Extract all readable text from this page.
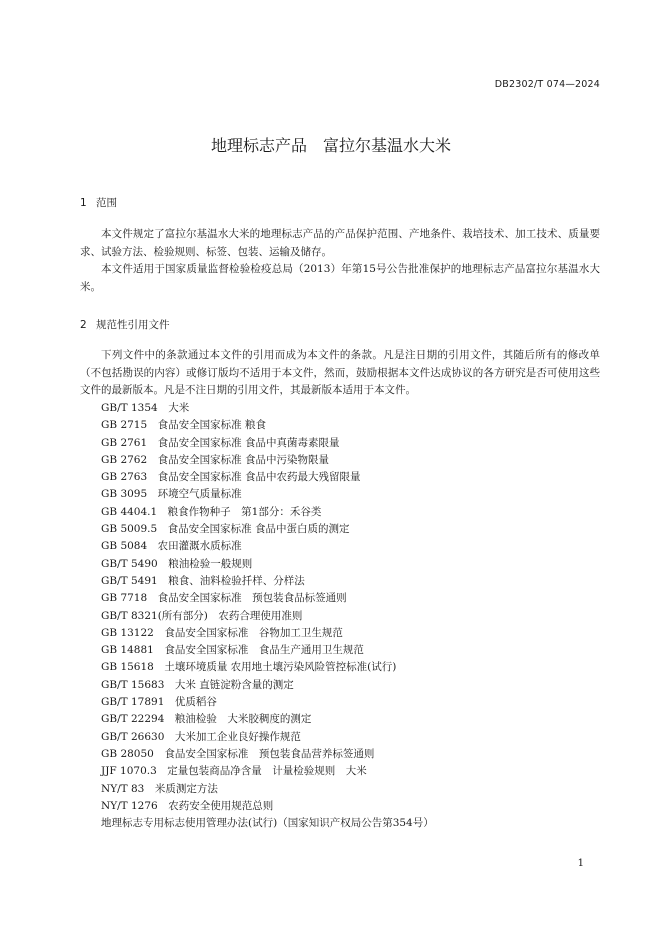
DB2302/T 074—2024
地理标志产品　富拉尔基温水大米
1 范围

本文件规定了富拉尔基温水大米的地理标志产品的产品保护范围、产地条件、栽培技术、加工技术、质量要求、试验方法、检验规则、标签、包装、运输及储存。

本文件适用于国家质量监督检验检疫总局（2013）年第15号公告批准保护的地理标志产品富拉尔基温水大米。

2 规范性引用文件

下列文件中的条款通过本文件的引用而成为本文件的条款。凡是注日期的引用文件，其随后所有的修改单（不包括勘误的内容）或修订版均不适用于本文件，然而，鼓励根据本文件达成协议的各方研究是否可使用这些文件的最新版本。凡是不注日期的引用文件，其最新版本适用于本文件。

GB/T 1354　大米
GB 2715　食品安全国家标准 粮食
GB 2761　食品安全国家标准 食品中真菌毒素限量
GB 2762　食品安全国家标准 食品中污染物限量
GB 2763　食品安全国家标准 食品中农药最大残留限量
GB 3095　环境空气质量标准
GB 4404.1　粮食作物种子　第1部分：禾谷类
GB 5009.5　食品安全国家标准 食品中蛋白质的测定
GB 5084　农田灌溉水质标准
GB/T 5490　粮油检验一般规则
GB/T 5491　粮食、油料检验扦样、分样法
GB 7718　食品安全国家标准　预包装食品标签通则
GB/T 8321(所有部分)　农药合理使用准则
GB 13122　食品安全国家标准　谷物加工卫生规范
GB 14881　食品安全国家标准　食品生产通用卫生规范
GB 15618　土壤环境质量 农用地土壤污染风险管控标准(试行)
GB/T 15683　大米 直链淀粉含量的测定
GB/T 17891　优质稻谷
GB/T 22294　粮油检验　大米胶稠度的测定
GB/T 26630　大米加工企业良好操作规范
GB 28050　食品安全国家标准　预包装食品营养标签通则
JJF 1070.3　定量包装商品净含量　计量检验规则　大米
NY/T 83　米质测定方法
NY/T 1276　农药安全使用规范总则
地理标志专用标志使用管理办法(试行)（国家知识产权局公告第354号）
1
